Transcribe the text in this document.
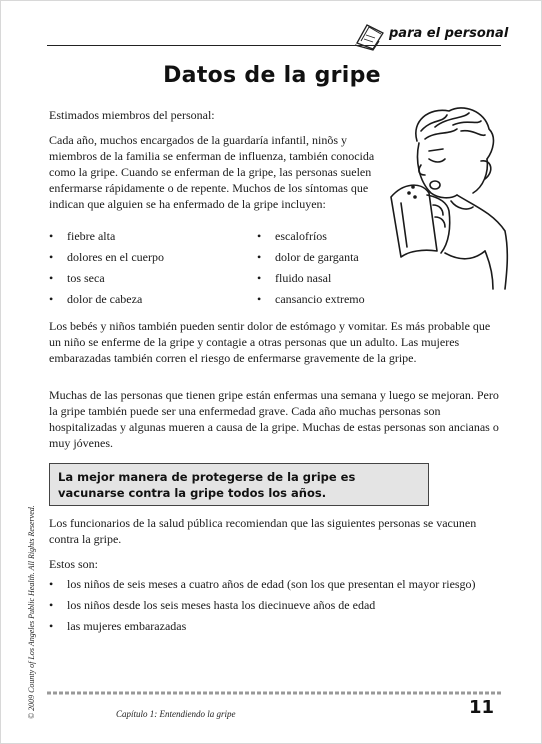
para el personal
Datos de la gripe

Estimados miembros del personal:

Cada año, muchos encargados de la guardaría infantil, ninõs y miembros de la familia se enferman de influenza, también conocida como la gripe. Cuando se enferman de la gripe, las personas suelen enfermarse rápidamente o de repente. Muchos de los síntomas que indican que alguien se ha enfermado de la gripe incluyen:

• fiebre alta	• escalofríos
• dolores en el cuerpo	• dolor de garganta
• tos seca	• fluido nasal
• dolor de cabeza	• cansancio extremo

Los bebés y niños también pueden sentir dolor de estómago y vomitar. Es más probable que un niño se enferme de la gripe y contagie a otras personas que un adulto. Las mujeres embarazadas también corren el riesgo de enfermarse gravemente de la gripe.

Muchas de las personas que tienen gripe están enfermas una semana y luego se mejoran. Pero la gripe también puede ser una enfermedad grave. Cada año muchas personas son hospitalizadas y algunas mueren a causa de la gripe. Muchas de estas personas son ancianas o muy jóvenes.

La mejor manera de protegerse de la gripe es vacunarse contra la gripe todos los años.

Los funcionarios de la salud pública recomiendan que las siguientes personas se vacunen contra la gripe.

Estos son:

• los niños de seis meses a cuatro años de edad (son los que presentan el mayor riesgo)
• los niños desde los seis meses hasta los diecinueve años de edad
• las mujeres embarazadas
© 2009 County of Los Angeles Public Health. All Rights Reserved.	Capítulo 1: Entendiendo la gripe	11
